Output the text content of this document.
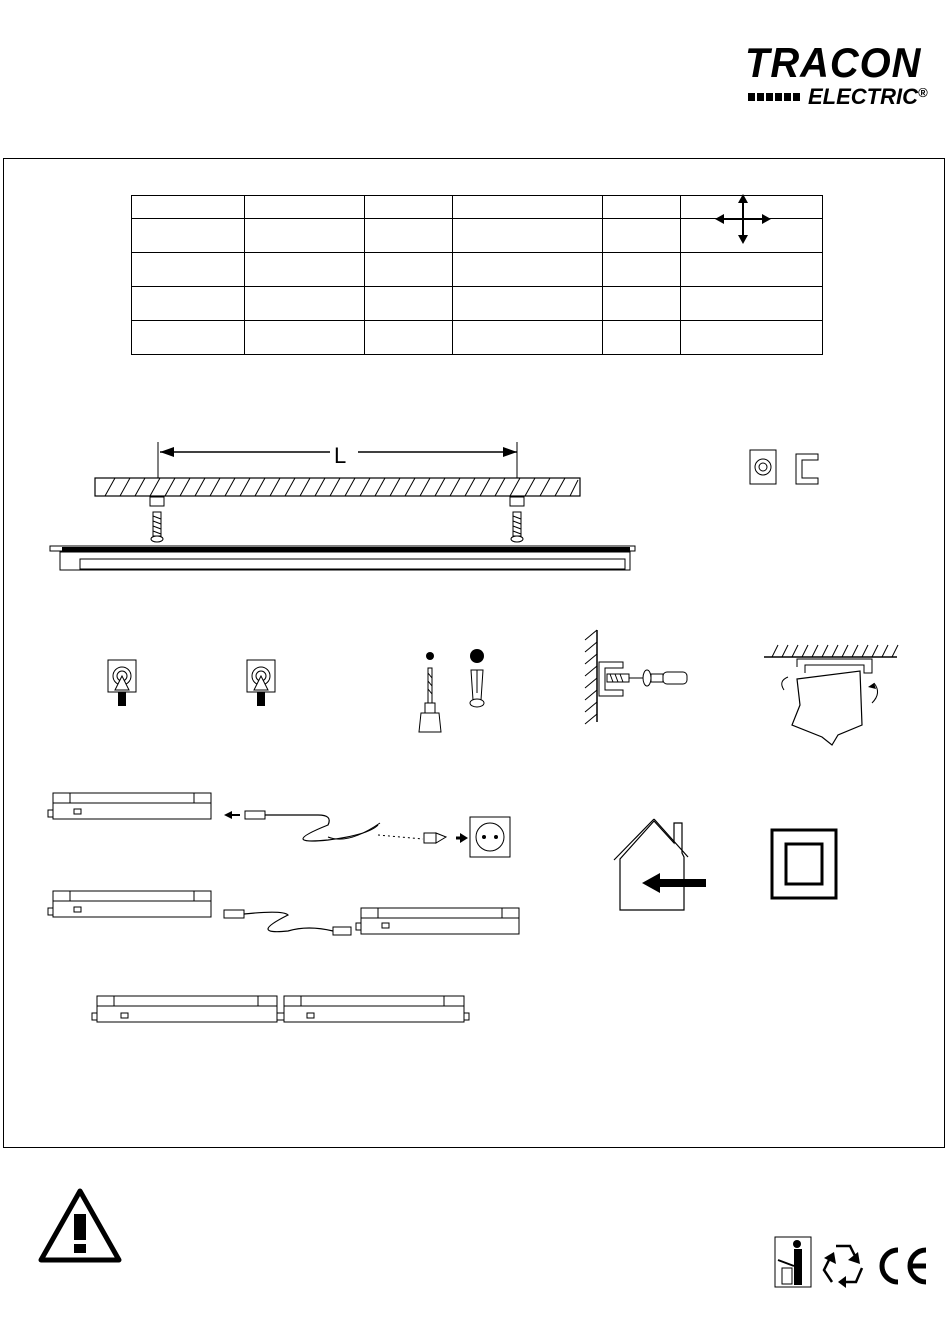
TRACON
ELECTRIC®

L
